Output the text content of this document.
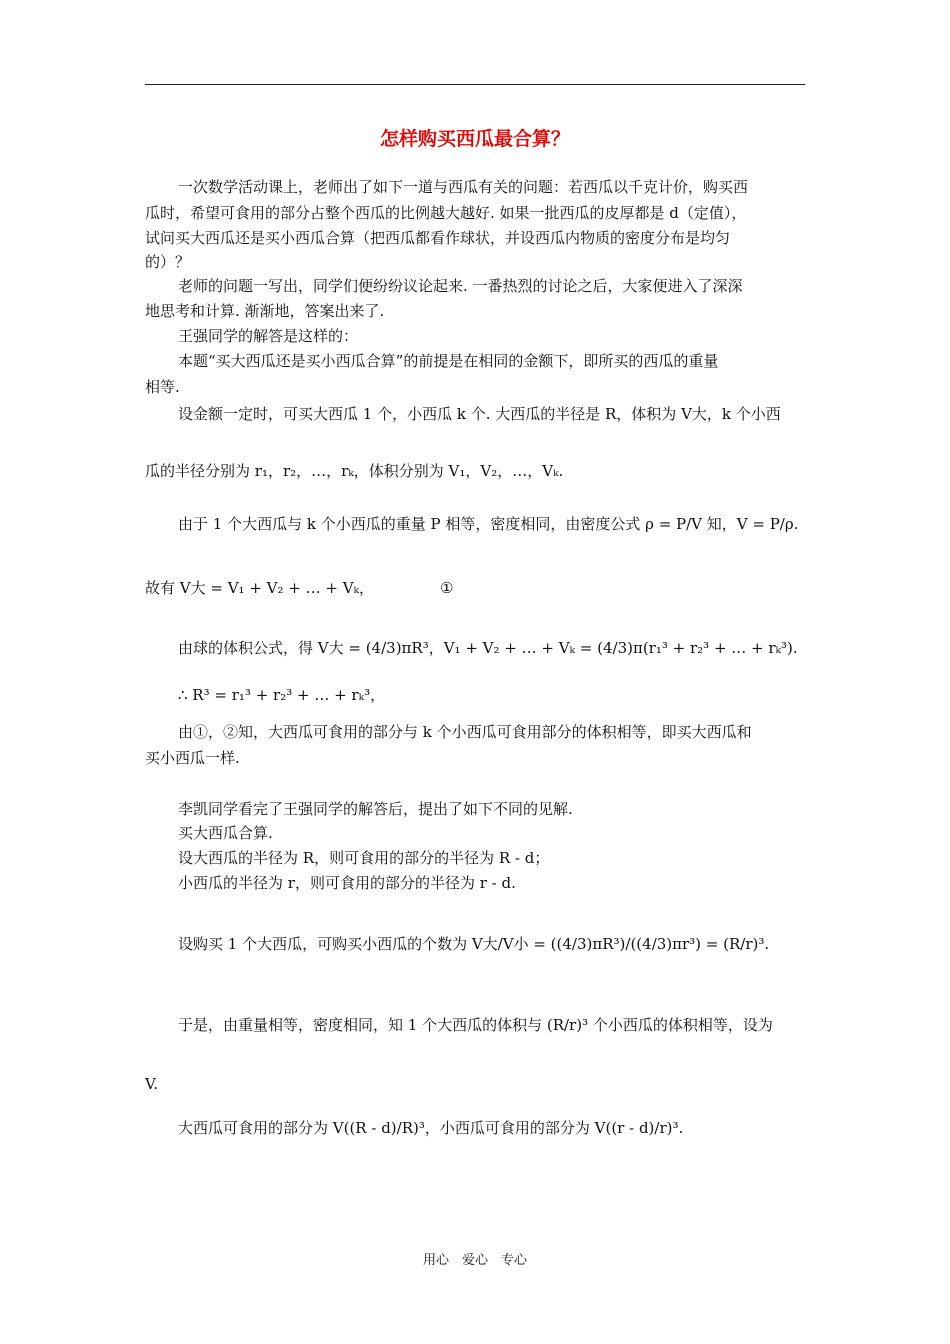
怎样购买西瓜最合算？
一次数学活动课上，老师出了如下一道与西瓜有关的问题：若西瓜以千克计价，购买西
瓜时，希望可食用的部分占整个西瓜的比例越大越好. 如果一批西瓜的皮厚都是 d（定值），
试问买大西瓜还是买小西瓜合算（把西瓜都看作球状，并设西瓜内物质的密度分布是均匀
的）？
老师的问题一写出，同学们便纷纷议论起来. 一番热烈的讨论之后，大家便进入了深深
地思考和计算. 渐渐地，答案出来了.
王强同学的解答是这样的：
本题“买大西瓜还是买小西瓜合算”的前提是在相同的金额下，即所买的西瓜的重量
相等.
设金额一定时，可买大西瓜 1 个，小西瓜 k 个. 大西瓜的半径是 R，体积为 V大，k 个小西
瓜的半径分别为 r₁，r₂，…，rₖ，体积分别为 V₁，V₂，…，Vₖ.
由于 1 个大西瓜与 k 个小西瓜的重量 P 相等，密度相同，由密度公式 ρ = P/V 知，V = P/ρ.
故有 V大 = V₁ + V₂ + … + Vₖ，	①
由球的体积公式，得 V大 = (4/3)πR³，V₁ + V₂ + … + Vₖ = (4/3)π(r₁³ + r₂³ + … + rₖ³).
∴ R³ = r₁³ + r₂³ + … + rₖ³，
由①，②知，大西瓜可食用的部分与 k 个小西瓜可食用部分的体积相等，即买大西瓜和
买小西瓜一样.
李凯同学看完了王强同学的解答后，提出了如下不同的见解.
买大西瓜合算.
设大西瓜的半径为 R，则可食用的部分的半径为 R - d；
小西瓜的半径为 r，则可食用的部分的半径为 r - d.
设购买 1 个大西瓜，可购买小西瓜的个数为 V大/V小 = ((4/3)πR³)/((4/3)πr³) = (R/r)³.
于是，由重量相等，密度相同，知 1 个大西瓜的体积与 (R/r)³ 个小西瓜的体积相等，设为
V.
大西瓜可食用的部分为 V((R - d)/R)³，小西瓜可食用的部分为 V((r - d)/r)³.
用心　爱心　专心
